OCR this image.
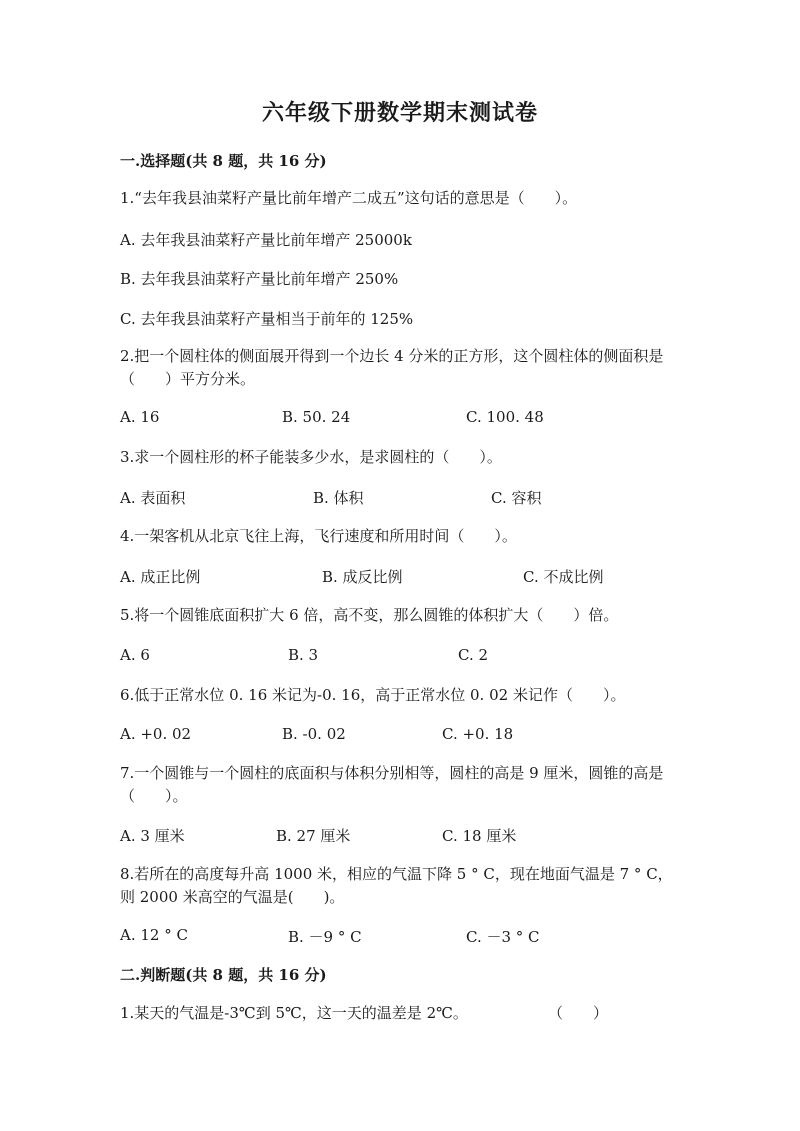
六年级下册数学期末测试卷
一.选择题(共 8 题，共 16 分)
1.“去年我县油菜籽产量比前年增产二成五”这句话的意思是（　　）。
A. 去年我县油菜籽产量比前年增产 25000k
B. 去年我县油菜籽产量比前年增产 250%
C. 去年我县油菜籽产量相当于前年的 125%
2.把一个圆柱体的侧面展开得到一个边长 4 分米的正方形，这个圆柱体的侧面积是（　　）平方分米。
A. 16	B. 50. 24	C. 100. 48
3.求一个圆柱形的杯子能装多少水，是求圆柱的（　　）。
A. 表面积	B. 体积	C. 容积
4.一架客机从北京飞往上海，飞行速度和所用时间（　　）。
A. 成正比例	B. 成反比例	C. 不成比例
5.将一个圆锥底面积扩大 6 倍，高不变，那么圆锥的体积扩大（　　）倍。
A. 6	B. 3	C. 2
6.低于正常水位 0. 16 米记为-0. 16，高于正常水位 0. 02 米记作（　　）。
A. +0. 02	B. -0. 02	C. +0. 18
7.一个圆锥与一个圆柱的底面积与体积分别相等，圆柱的高是 9 厘米，圆锥的高是（　　）。
A. 3 厘米	B. 27 厘米	C. 18 厘米
8.若所在的高度每升高 1000 米，相应的气温下降 5 ° C，现在地面气温是 7 ° C，则 2000 米高空的气温是(　　)。
A. 12 ° C	B. －9 ° C	C. －3 ° C
二.判断题(共 8 题，共 16 分)
1.某天的气温是-3℃到 5℃，这一天的温差是 2℃。	（　　）
